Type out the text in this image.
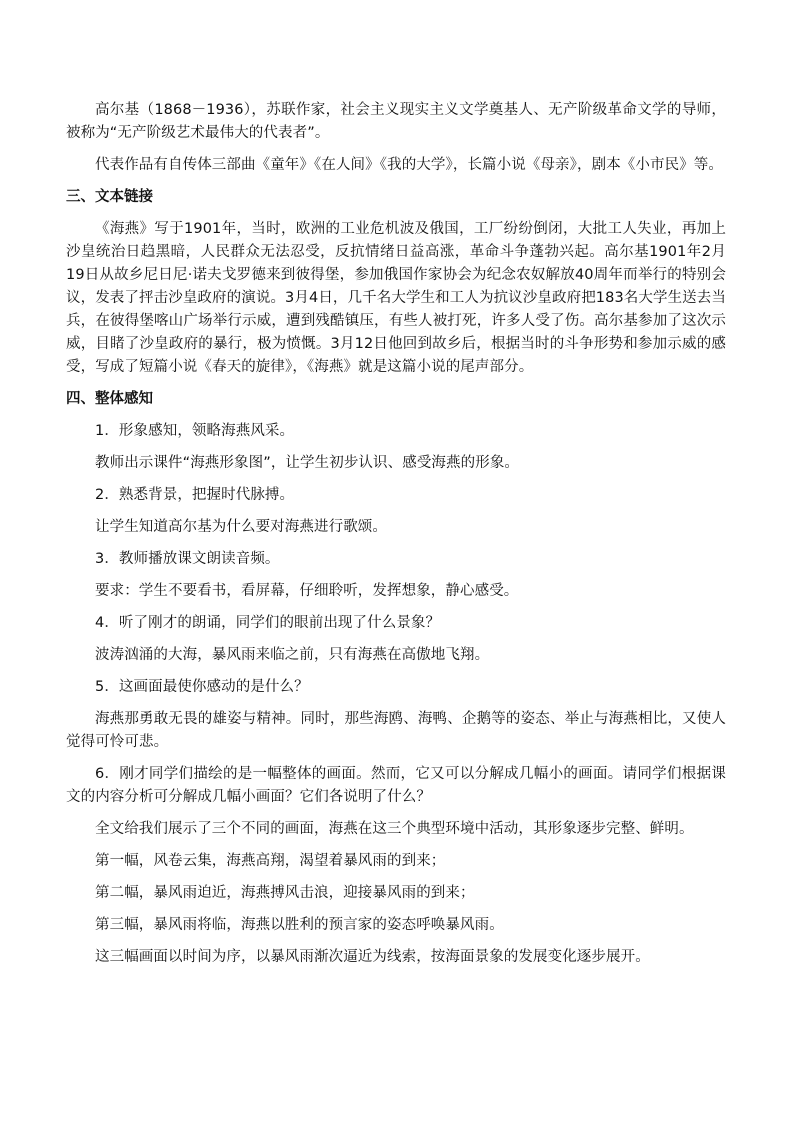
高尔基（1868－1936），苏联作家，社会主义现实主义文学奠基人、无产阶级革命文学的导师，被称为“无产阶级艺术最伟大的代表者”。

代表作品有自传体三部曲《童年》《在人间》《我的大学》，长篇小说《母亲》，剧本《小市民》等。

三、文本链接

《海燕》写于1901年，当时，欧洲的工业危机波及俄国，工厂纷纷倒闭，大批工人失业，再加上沙皇统治日趋黑暗，人民群众无法忍受，反抗情绪日益高涨，革命斗争蓬勃兴起。高尔基1901年2月19日从故乡尼日尼·诺夫戈罗德来到彼得堡，参加俄国作家协会为纪念农奴解放40周年而举行的特别会议，发表了抨击沙皇政府的演说。3月4日，几千名大学生和工人为抗议沙皇政府把183名大学生送去当兵，在彼得堡喀山广场举行示威，遭到残酷镇压，有些人被打死，许多人受了伤。高尔基参加了这次示威，目睹了沙皇政府的暴行，极为愤慨。3月12日他回到故乡后，根据当时的斗争形势和参加示威的感受，写成了短篇小说《春天的旋律》，《海燕》就是这篇小说的尾声部分。

四、整体感知

1．形象感知，领略海燕风采。

教师出示课件“海燕形象图”，让学生初步认识、感受海燕的形象。

2．熟悉背景，把握时代脉搏。

让学生知道高尔基为什么要对海燕进行歌颂。

3．教师播放课文朗读音频。

要求：学生不要看书，看屏幕，仔细聆听，发挥想象，静心感受。

4．听了刚才的朗诵，同学们的眼前出现了什么景象？

波涛汹涌的大海，暴风雨来临之前，只有海燕在高傲地飞翔。

5．这画面最使你感动的是什么？

海燕那勇敢无畏的雄姿与精神。同时，那些海鸥、海鸭、企鹅等的姿态、举止与海燕相比，又使人觉得可怜可悲。

6．刚才同学们描绘的是一幅整体的画面。然而，它又可以分解成几幅小的画面。请同学们根据课文的内容分析可分解成几幅小画面？它们各说明了什么？

全文给我们展示了三个不同的画面，海燕在这三个典型环境中活动，其形象逐步完整、鲜明。

第一幅，风卷云集，海燕高翔，渴望着暴风雨的到来；

第二幅，暴风雨迫近，海燕搏风击浪，迎接暴风雨的到来；

第三幅，暴风雨将临，海燕以胜利的预言家的姿态呼唤暴风雨。

这三幅画面以时间为序，以暴风雨渐次逼近为线索，按海面景象的发展变化逐步展开。
